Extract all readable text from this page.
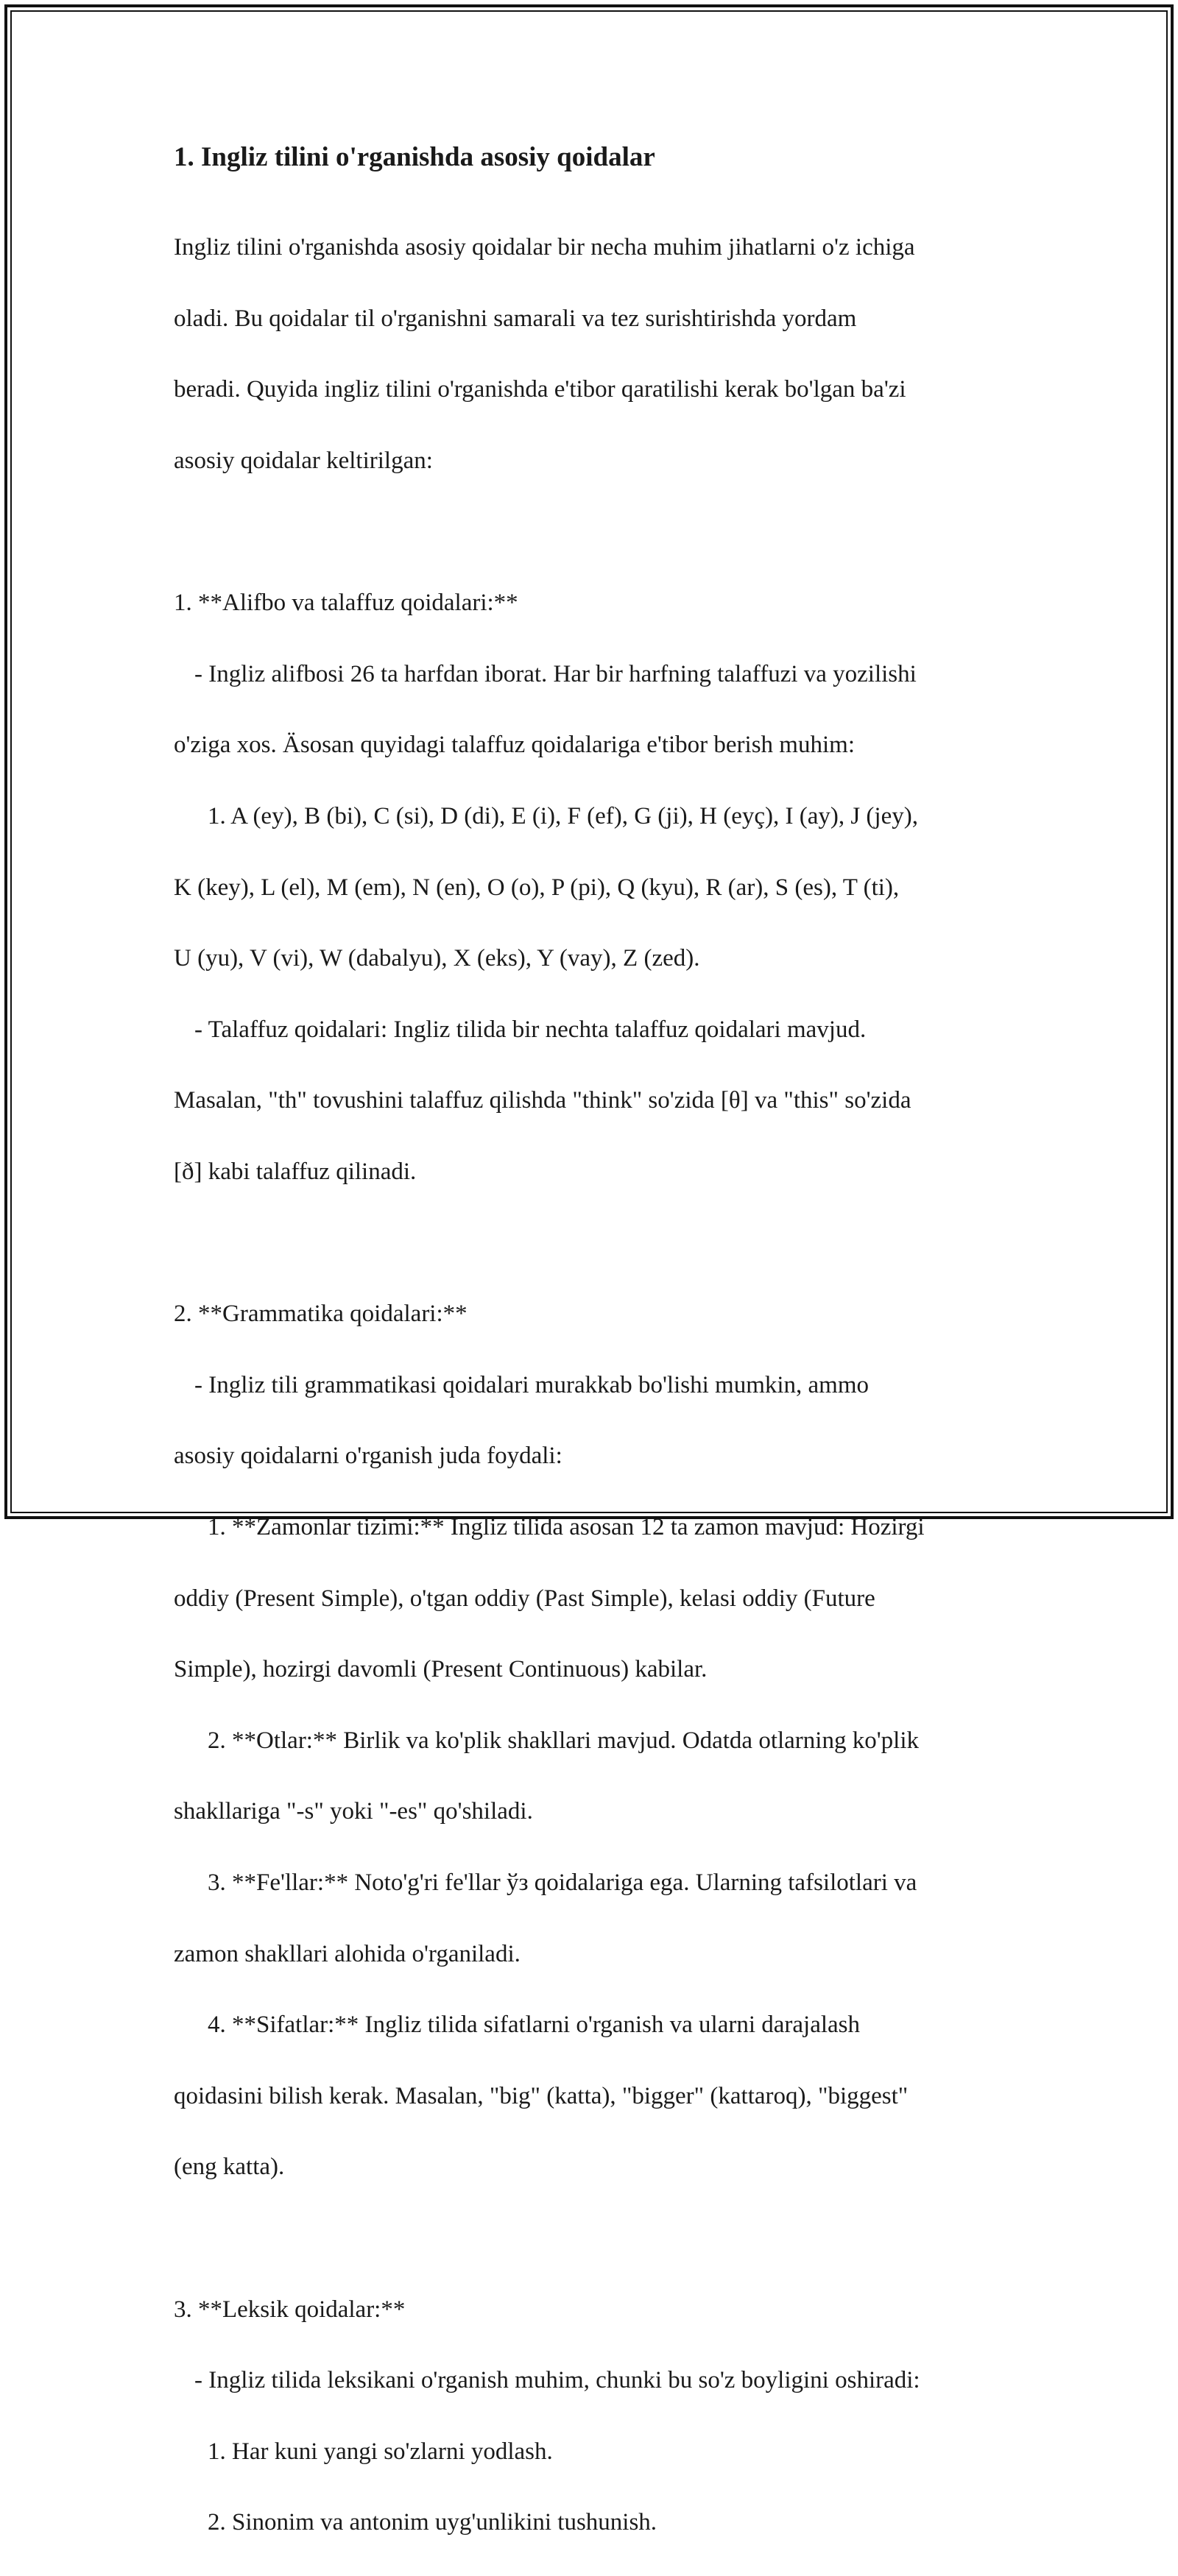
1. Ingliz tilini o'rganishda asosiy qoidalar

Ingliz tilini o'rganishda asosiy qoidalar bir necha muhim jihatlarni o'z ichiga

oladi. Bu qoidalar til o'rganishni samarali va tez surishtirishda yordam

beradi. Quyida ingliz tilini o'rganishda e'tibor qaratilishi kerak bo'lgan ba'zi

asosiy qoidalar keltirilgan:

1. **Alifbo va talaffuz qoidalari:**

- Ingliz alifbosi 26 ta harfdan iborat. Har bir harfning talaffuzi va yozilishi

o'ziga xos. Äsosan quyidagi talaffuz qoidalariga e'tibor berish muhim:

1. A (ey), B (bi), C (si), D (di), E (i), F (ef), G (ji), H (eyç), I (ay), J (jey),

K (key), L (el), M (em), N (en), O (o), P (pi), Q (kyu), R (ar), S (es), T (ti),

U (yu), V (vi), W (dabalyu), X (eks), Y (vay), Z (zed).

- Talaffuz qoidalari: Ingliz tilida bir nechta talaffuz qoidalari mavjud.

Masalan, "th" tovushini talaffuz qilishda "think" so'zida [θ] va "this" so'zida

[ð] kabi talaffuz qilinadi.

2. **Grammatika qoidalari:**

- Ingliz tili grammatikasi qoidalari murakkab bo'lishi mumkin, ammo

asosiy qoidalarni o'rganish juda foydali:

1. **Zamonlar tizimi:** Ingliz tilida asosan 12 ta zamon mavjud: Hozirgi

oddiy (Present Simple), o'tgan oddiy (Past Simple), kelasi oddiy (Future

Simple), hozirgi davomli (Present Continuous) kabilar.

2. **Otlar:** Birlik va ko'plik shakllari mavjud. Odatda otlarning ko'plik

shakllariga "-s" yoki "-es" qo'shiladi.

3. **Fe'llar:** Noto'g'ri fe'llar ўз qoidalariga ega. Ularning tafsilotlari va

zamon shakllari alohida o'rganiladi.

4. **Sifatlar:** Ingliz tilida sifatlarni o'rganish va ularni darajalash

qoidasini bilish kerak. Masalan, "big" (katta), "bigger" (kattaroq), "biggest"

(eng katta).

3. **Leksik qoidalar:**

- Ingliz tilida leksikani o'rganish muhim, chunki bu so'z boyligini oshiradi:

1. Har kuni yangi so'zlarni yodlash.

2. Sinonim va antonim uyg'unlikini tushunish.
